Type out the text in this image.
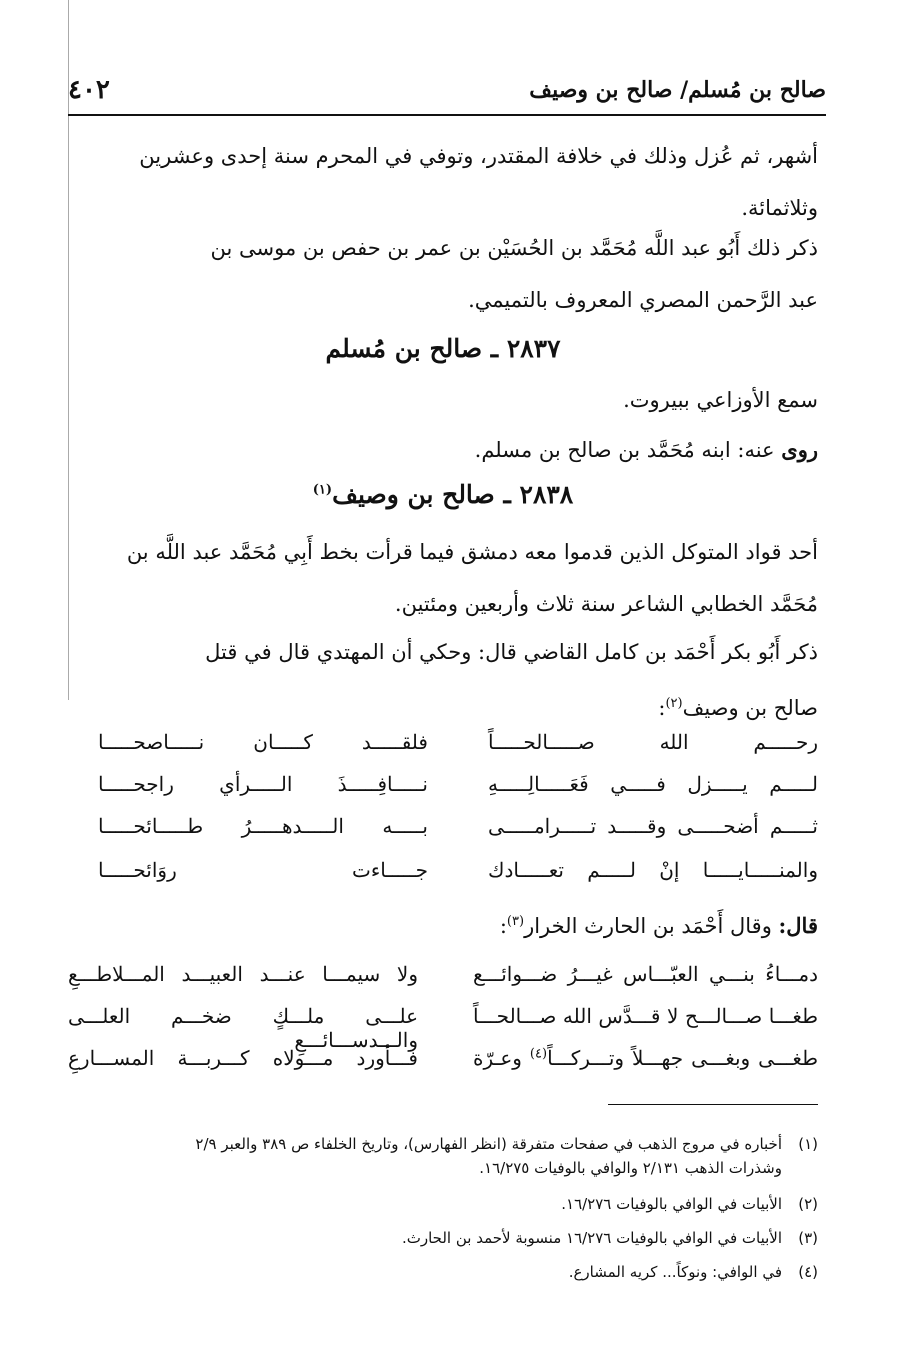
صالح بن مُسلم/ صالح بن وصيف
٤٠٢

أشهر، ثم عُزل وذلك في خلافة المقتدر، وتوفي في المحرم سنة إحدى وعشرين
وثلاثمائة.

ذكر ذلك أَبُو عبد اللَّه مُحَمَّد بن الحُسَيْن بن عمر بن حفص بن موسى بن
عبد الرَّحمن المصري المعروف بالتميمي.

٢٨٣٧ ـ صالح بن مُسلم

سمع الأوزاعي ببيروت.

روى عنه: ابنه مُحَمَّد بن صالح بن مسلم.

٢٨٣٨ ـ صالح بن وصيف$^{(١)}$

أحد قواد المتوكل الذين قدموا معه دمشق فيما قرأت بخط أَبِي مُحَمَّد عبد اللَّه بن
مُحَمَّد الخطابي الشاعر سنة ثلاث وأربعين ومئتين.

ذكر أَبُو بكر أَحْمَد بن كامل القاضي قال: وحكي أن المهتدي قال في قتل
صالح بن وصيف$^{(٢)}$:

رحـــــم الله صـــــالحـــــاً
فلقـــــد كـــــان نـــــاصحـــــا
لـــــم يـــــزل فـــــي فَعَـــــالِـــــهِ
نـــــافِـــــذَ الـــــرأي راجحـــــا
ثـــــم أضحـــــى وقـــــد تـــــرامـــــى
بـــــه الـــــدهـــــرُ طـــــائحـــــا
والمنـــــايـــــا إنْ لـــــم تعـــــادك
جـــــاءت روَائحـــــا

قال: وقال أَحْمَد بن الحارث الخرار$^{(٣)}$:

دمـــاءُ بنـــي العبّـــاس غيـــرُ ضـــوائـــع
ولا سيمـــا عنـــد العبيـــد المـــلاطـــعِ
طغـــا صـــالـــح لا قـــدَّس الله صـــالحـــاً
علـــى ملـــكٍ ضخـــم العلـــى والـــدســـائـــعِ
طغـــى وبغـــى جهـــلاً وتـــركـــاً$^{(٤)}$ وعـرّة
فـــأورد مـــولاه كـــربـــة المســـارعِ

(١)أخباره في مروج الذهب في صفحات متفرقة (انظر الفهارس)، وتاريخ الخلفاء ص ٣٨٩ والعبر ٢/٩
وشذرات الذهب ٢/١٣١ والوافي بالوفيات ١٦/٢٧٥.

(٢)الأبيات في الوافي بالوفيات ١٦/٢٧٦.

(٣)الأبيات في الوافي بالوفيات ١٦/٢٧٦ منسوبة لأحمد بن الحارث.

(٤)في الوافي: ونوكاً... كريه المشارع.
